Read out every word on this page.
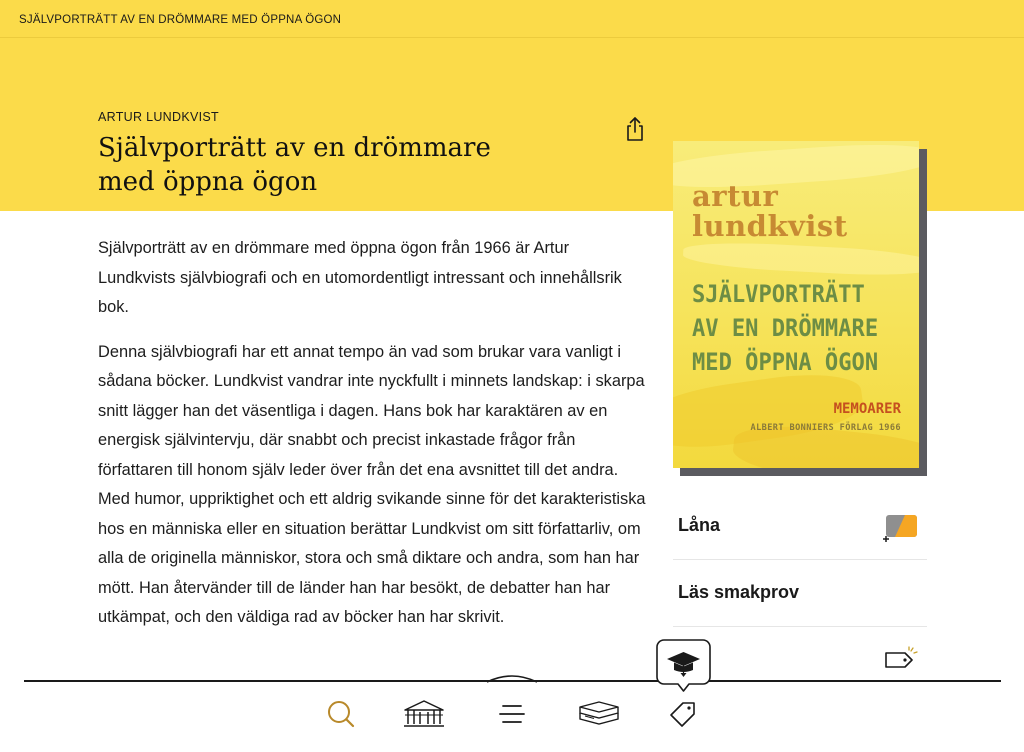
SJÄLVPORTRÄTT AV EN DRÖMMARE MED ÖPPNA ÖGON
ARTUR LUNDKVIST
Självporträtt av en drömmare med öppna ögon

Självporträtt av en drömmare med öppna ögon från 1966 är Artur Lundkvists självbiografi och en utomordentligt intressant och innehållsrik bok.

Denna självbiografi har ett annat tempo än vad som brukar vara vanligt i sådana böcker. Lundkvist vandrar inte nyckfullt i minnets landskap: i skarpa snitt lägger han det väsentliga i dagen. Hans bok har karaktären av en energisk självintervju, där snabbt och precist inkastade frågor från författaren till honom själv leder över från det ena avsnittet till det andra. Med humor, uppriktighet och ett aldrig svikande sinne för det karakteristiska hos en människa eller en situation berättar Lundkvist om sitt författarliv, om alla de originella människor, stora och små diktare och andra, som han har mött. Han återvänder till de länder han har besökt, de debatter han har utkämpat, och den väldiga rad av böcker han har skrivit.

artur
lundkvist
SJÄLVPORTRÄTT
AV EN DRÖMMARE
MED ÖPPNA ÖGON
MEMOARER
ALBERT BONNIERS FÖRLAG 1966
Låna
Läs smakprov
